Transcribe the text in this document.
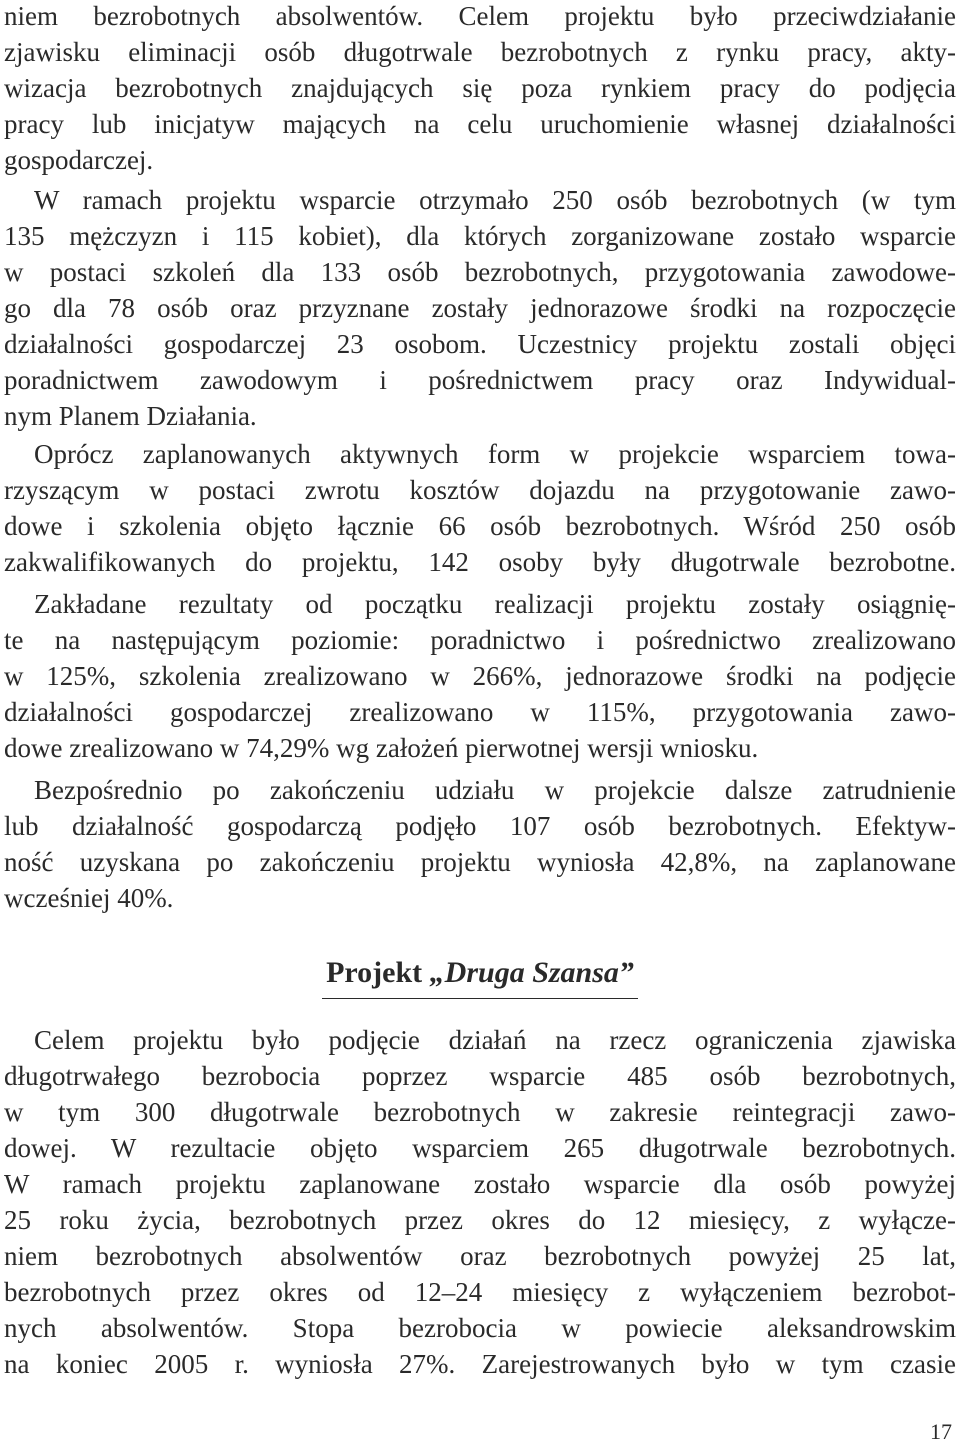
niem bezrobotnych absolwentów. Celem projektu było przeciwdziałanie
zjawisku eliminacji osób długotrwale bezrobotnych z rynku pracy, akty-
wizacja bezrobotnych znajdujących się poza rynkiem pracy do podjęcia
pracy lub inicjatyw mających na celu uruchomienie własnej działalności
gospodarczej.
W ramach projektu wsparcie otrzymało 250 osób bezrobotnych (w tym
135 mężczyzn i 115 kobiet), dla których zorganizowane zostało wsparcie
w postaci szkoleń dla 133 osób bezrobotnych, przygotowania zawodowe-
go dla 78 osób oraz przyznane zostały jednorazowe środki na rozpoczęcie
działalności gospodarczej 23 osobom. Uczestnicy projektu zostali objęci
poradnictwem zawodowym i pośrednictwem pracy oraz Indywidual-
nym Planem Działania.
Oprócz zaplanowanych aktywnych form w projekcie wsparciem towa-
rzyszącym w postaci zwrotu kosztów dojazdu na przygotowanie zawo-
dowe i szkolenia objęto łącznie 66 osób bezrobotnych. Wśród 250 osób
zakwalifikowanych do projektu, 142 osoby były długotrwale bezrobotne.
Zakładane rezultaty od początku realizacji projektu zostały osiągnię-
te na następującym poziomie: poradnictwo i pośrednictwo zrealizowano
w 125%, szkolenia zrealizowano w 266%, jednorazowe środki na podjęcie
działalności gospodarczej zrealizowano w 115%, przygotowania zawo-
dowe zrealizowano w 74,29% wg założeń pierwotnej wersji wniosku.
Bezpośrednio po zakończeniu udziału w projekcie dalsze zatrudnienie
lub działalność gospodarczą podjęło 107 osób bezrobotnych. Efektyw-
ność uzyskana po zakończeniu projektu wyniosła 42,8%, na zaplanowane
wcześniej 40%.
Projekt „Druga Szansa”
Celem projektu było podjęcie działań na rzecz ograniczenia zjawiska
długotrwałego bezrobocia poprzez wsparcie 485 osób bezrobotnych,
w tym 300 długotrwale bezrobotnych w zakresie reintegracji zawo-
dowej. W rezultacie objęto wsparciem 265 długotrwale bezrobotnych.
W ramach projektu zaplanowane zostało wsparcie dla osób powyżej
25 roku życia, bezrobotnych przez okres do 12 miesięcy, z wyłącze-
niem bezrobotnych absolwentów oraz bezrobotnych powyżej 25 lat,
bezrobotnych przez okres od 12–24 miesięcy z wyłączeniem bezrobot-
nych absolwentów. Stopa bezrobocia w powiecie aleksandrowskim
na koniec 2005 r. wyniosła 27%. Zarejestrowanych było w tym czasie
17
